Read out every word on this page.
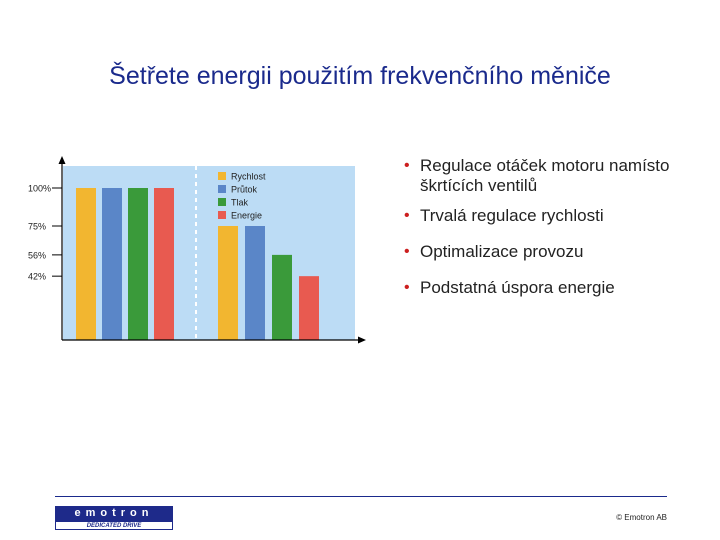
Šetřete energii použitím frekvenčního měniče
100%
75%
56%
42%
Rychlost
Průtok
Tlak
Energie
• Regulace otáček motoru namísto škrtících ventilů
• Trvalá regulace rychlosti
• Optimalizace provozu
• Podstatná úspora energie
emotron
DEDICATED DRIVE
© Emotron AB
